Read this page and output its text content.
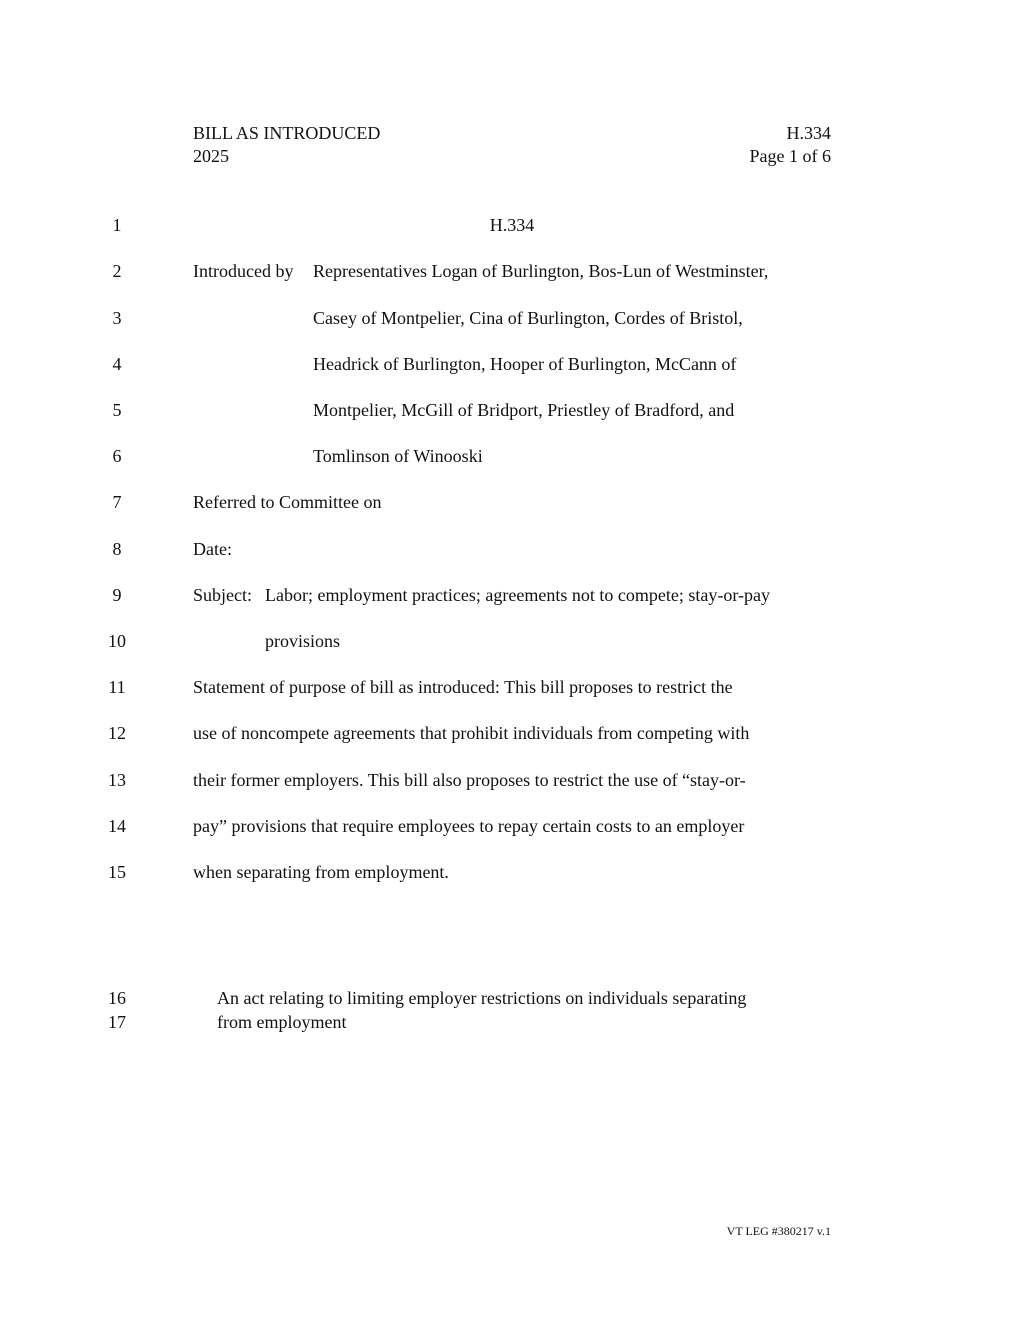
BILL AS INTRODUCED	H.334
2025	Page 1 of 6
1
2
3
4
5
6
7
8
9
10
11
12
13
14
15
16
17
H.334
Introduced by Representatives Logan of Burlington, Bos-Lun of Westminster,
Casey of Montpelier, Cina of Burlington, Cordes of Bristol,
Headrick of Burlington, Hooper of Burlington, McCann of
Montpelier, McGill of Bridport, Priestley of Bradford, and
Tomlinson of Winooski
Referred to Committee on
Date:
Subject: Labor; employment practices; agreements not to compete; stay-or-pay
provisions
Statement of purpose of bill as introduced: This bill proposes to restrict the
use of noncompete agreements that prohibit individuals from competing with
their former employers. This bill also proposes to restrict the use of “stay-or-
pay” provisions that require employees to repay certain costs to an employer
when separating from employment.
An act relating to limiting employer restrictions on individuals separating
from employment
VT LEG #380217 v.1
